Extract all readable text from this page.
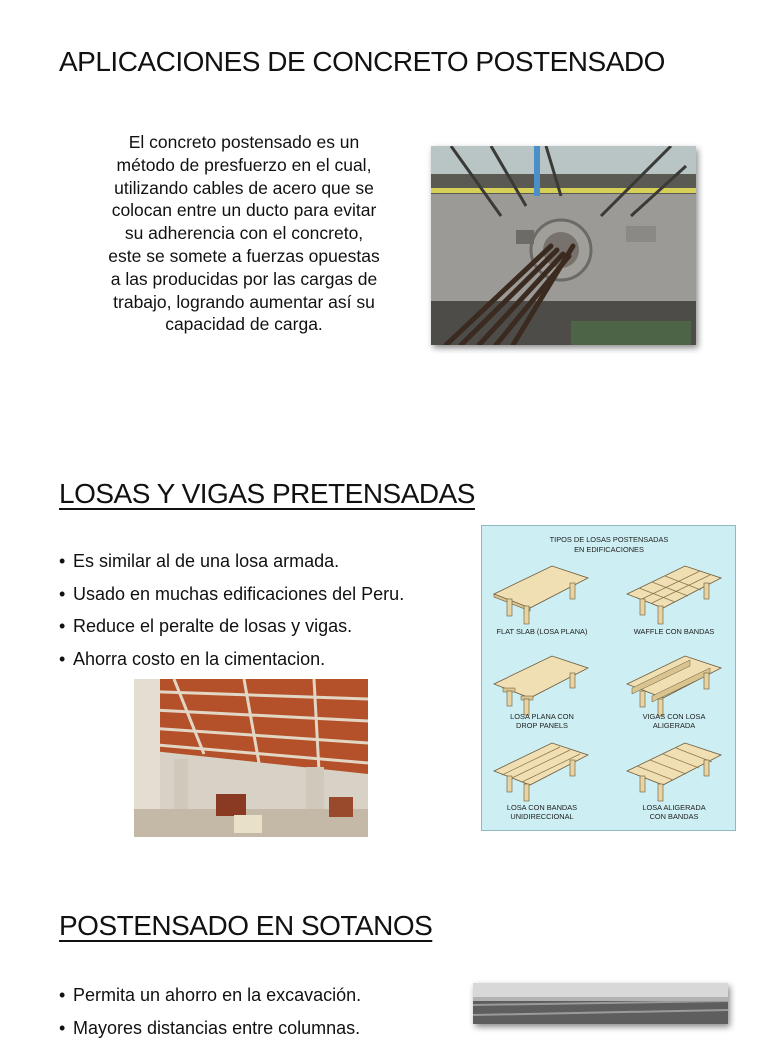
APLICACIONES DE CONCRETO POSTENSADO
El concreto postensado es un método de presfuerzo en el cual, utilizando cables de acero que se colocan entre un ducto para evitar su adherencia con el concreto, este se somete a fuerzas opuestas a las producidas por las cargas de trabajo, logrando aumentar así su capacidad de carga.
LOSAS Y VIGAS PRETENSADAS
• Es similar al de una losa armada.
• Usado en muchas edificaciones del Peru.
• Reduce el peralte de losas y vigas.
• Ahorra costo en la cimentacion.
TIPOS DE LOSAS POSTENSADAS
EN EDIFICACIONES
FLAT SLAB (LOSA PLANA)	WAFFLE CON BANDAS
LOSA PLANA CON
DROP PANELS
VIGAS CON LOSA
ALIGERADA
LOSA CON BANDAS
UNIDIRECCIONAL
LOSA ALIGERADA
CON BANDAS
POSTENSADO EN SOTANOS
• Permita un ahorro en la excavación.
• Mayores distancias entre columnas.
